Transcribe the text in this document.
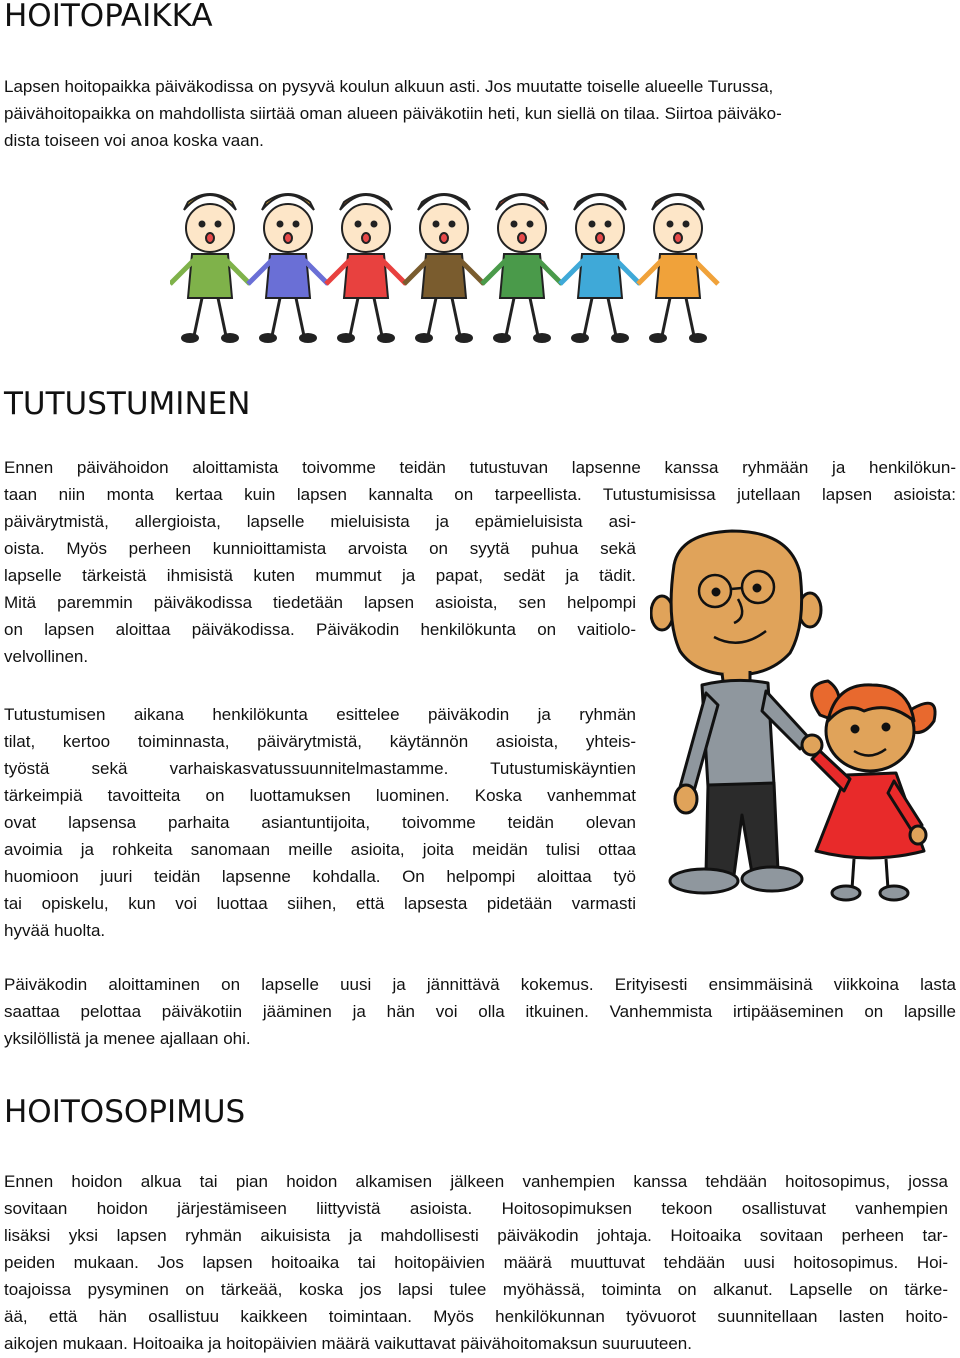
HOITOPAIKKA
Lapsen hoitopaikka päiväkodissa on pysyvä koulun alkuun asti. Jos muutatte toiselle alueelle Turussa,
päivähoitopaikka on mahdollista siirtää oman alueen päiväkotiin heti, kun siellä on tilaa. Siirtoa päiväko-
dista toiseen voi anoa koska vaan.
TUTUSTUMINEN
Ennen päivähoidon aloittamista toivomme teidän tutustuvan lapsenne kanssa ryhmään ja henkilökun-
taan niin monta kertaa kuin lapsen kannalta on tarpeellista. Tutustumisissa jutellaan lapsen asioista:
päivärytmistä, allergioista, lapselle mieluisista ja epämieluisista asi-
oista. Myös perheen kunnioittamista arvoista on syytä puhua sekä
lapselle tärkeistä ihmisistä kuten mummut ja papat, sedät ja tädit.
Mitä paremmin päiväkodissa tiedetään lapsen asioista, sen helpompi
on lapsen aloittaa päiväkodissa. Päiväkodin henkilökunta on vaitiolo-
velvollinen.
Tutustumisen aikana henkilökunta esittelee päiväkodin ja ryhmän
tilat, kertoo toiminnasta, päivärytmistä, käytännön asioista, yhteis-
työstä sekä varhaiskasvatussuunnitelmastamme. Tutustumiskäyntien
tärkeimpiä tavoitteita on luottamuksen luominen. Koska vanhemmat
ovat lapsensa parhaita asiantuntijoita, toivomme teidän olevan
avoimia ja rohkeita sanomaan meille asioita, joita meidän tulisi ottaa
huomioon juuri teidän lapsenne kohdalla. On helpompi aloittaa työ
tai opiskelu, kun voi luottaa siihen, että lapsesta pidetään varmasti
hyvää huolta.
Päiväkodin aloittaminen on lapselle uusi ja jännittävä kokemus. Erityisesti ensimmäisinä viikkoina lasta
saattaa pelottaa päiväkotiin jääminen ja hän voi olla itkuinen. Vanhemmista irtipääseminen on lapsille
yksilöllistä ja menee ajallaan ohi.
HOITOSOPIMUS
Ennen hoidon alkua tai pian hoidon alkamisen jälkeen vanhempien kanssa tehdään hoitosopimus, jossa
sovitaan hoidon järjestämiseen liittyvistä asioista. Hoitosopimuksen tekoon osallistuvat vanhempien
lisäksi yksi lapsen ryhmän aikuisista ja mahdollisesti päiväkodin johtaja. Hoitoaika sovitaan perheen tar-
peiden mukaan. Jos lapsen hoitoaika tai hoitopäivien määrä muuttuvat tehdään uusi hoitosopimus. Hoi-
toajoissa pysyminen on tärkeää, koska jos lapsi tulee myöhässä, toiminta on alkanut. Lapselle on tärke-
ää, että hän osallistuu kaikkeen toimintaan. Myös henkilökunnan työvuorot suunnitellaan lasten hoito-
aikojen mukaan. Hoitoaika ja hoitopäivien määrä vaikuttavat päivähoitomaksun suuruuteen.
